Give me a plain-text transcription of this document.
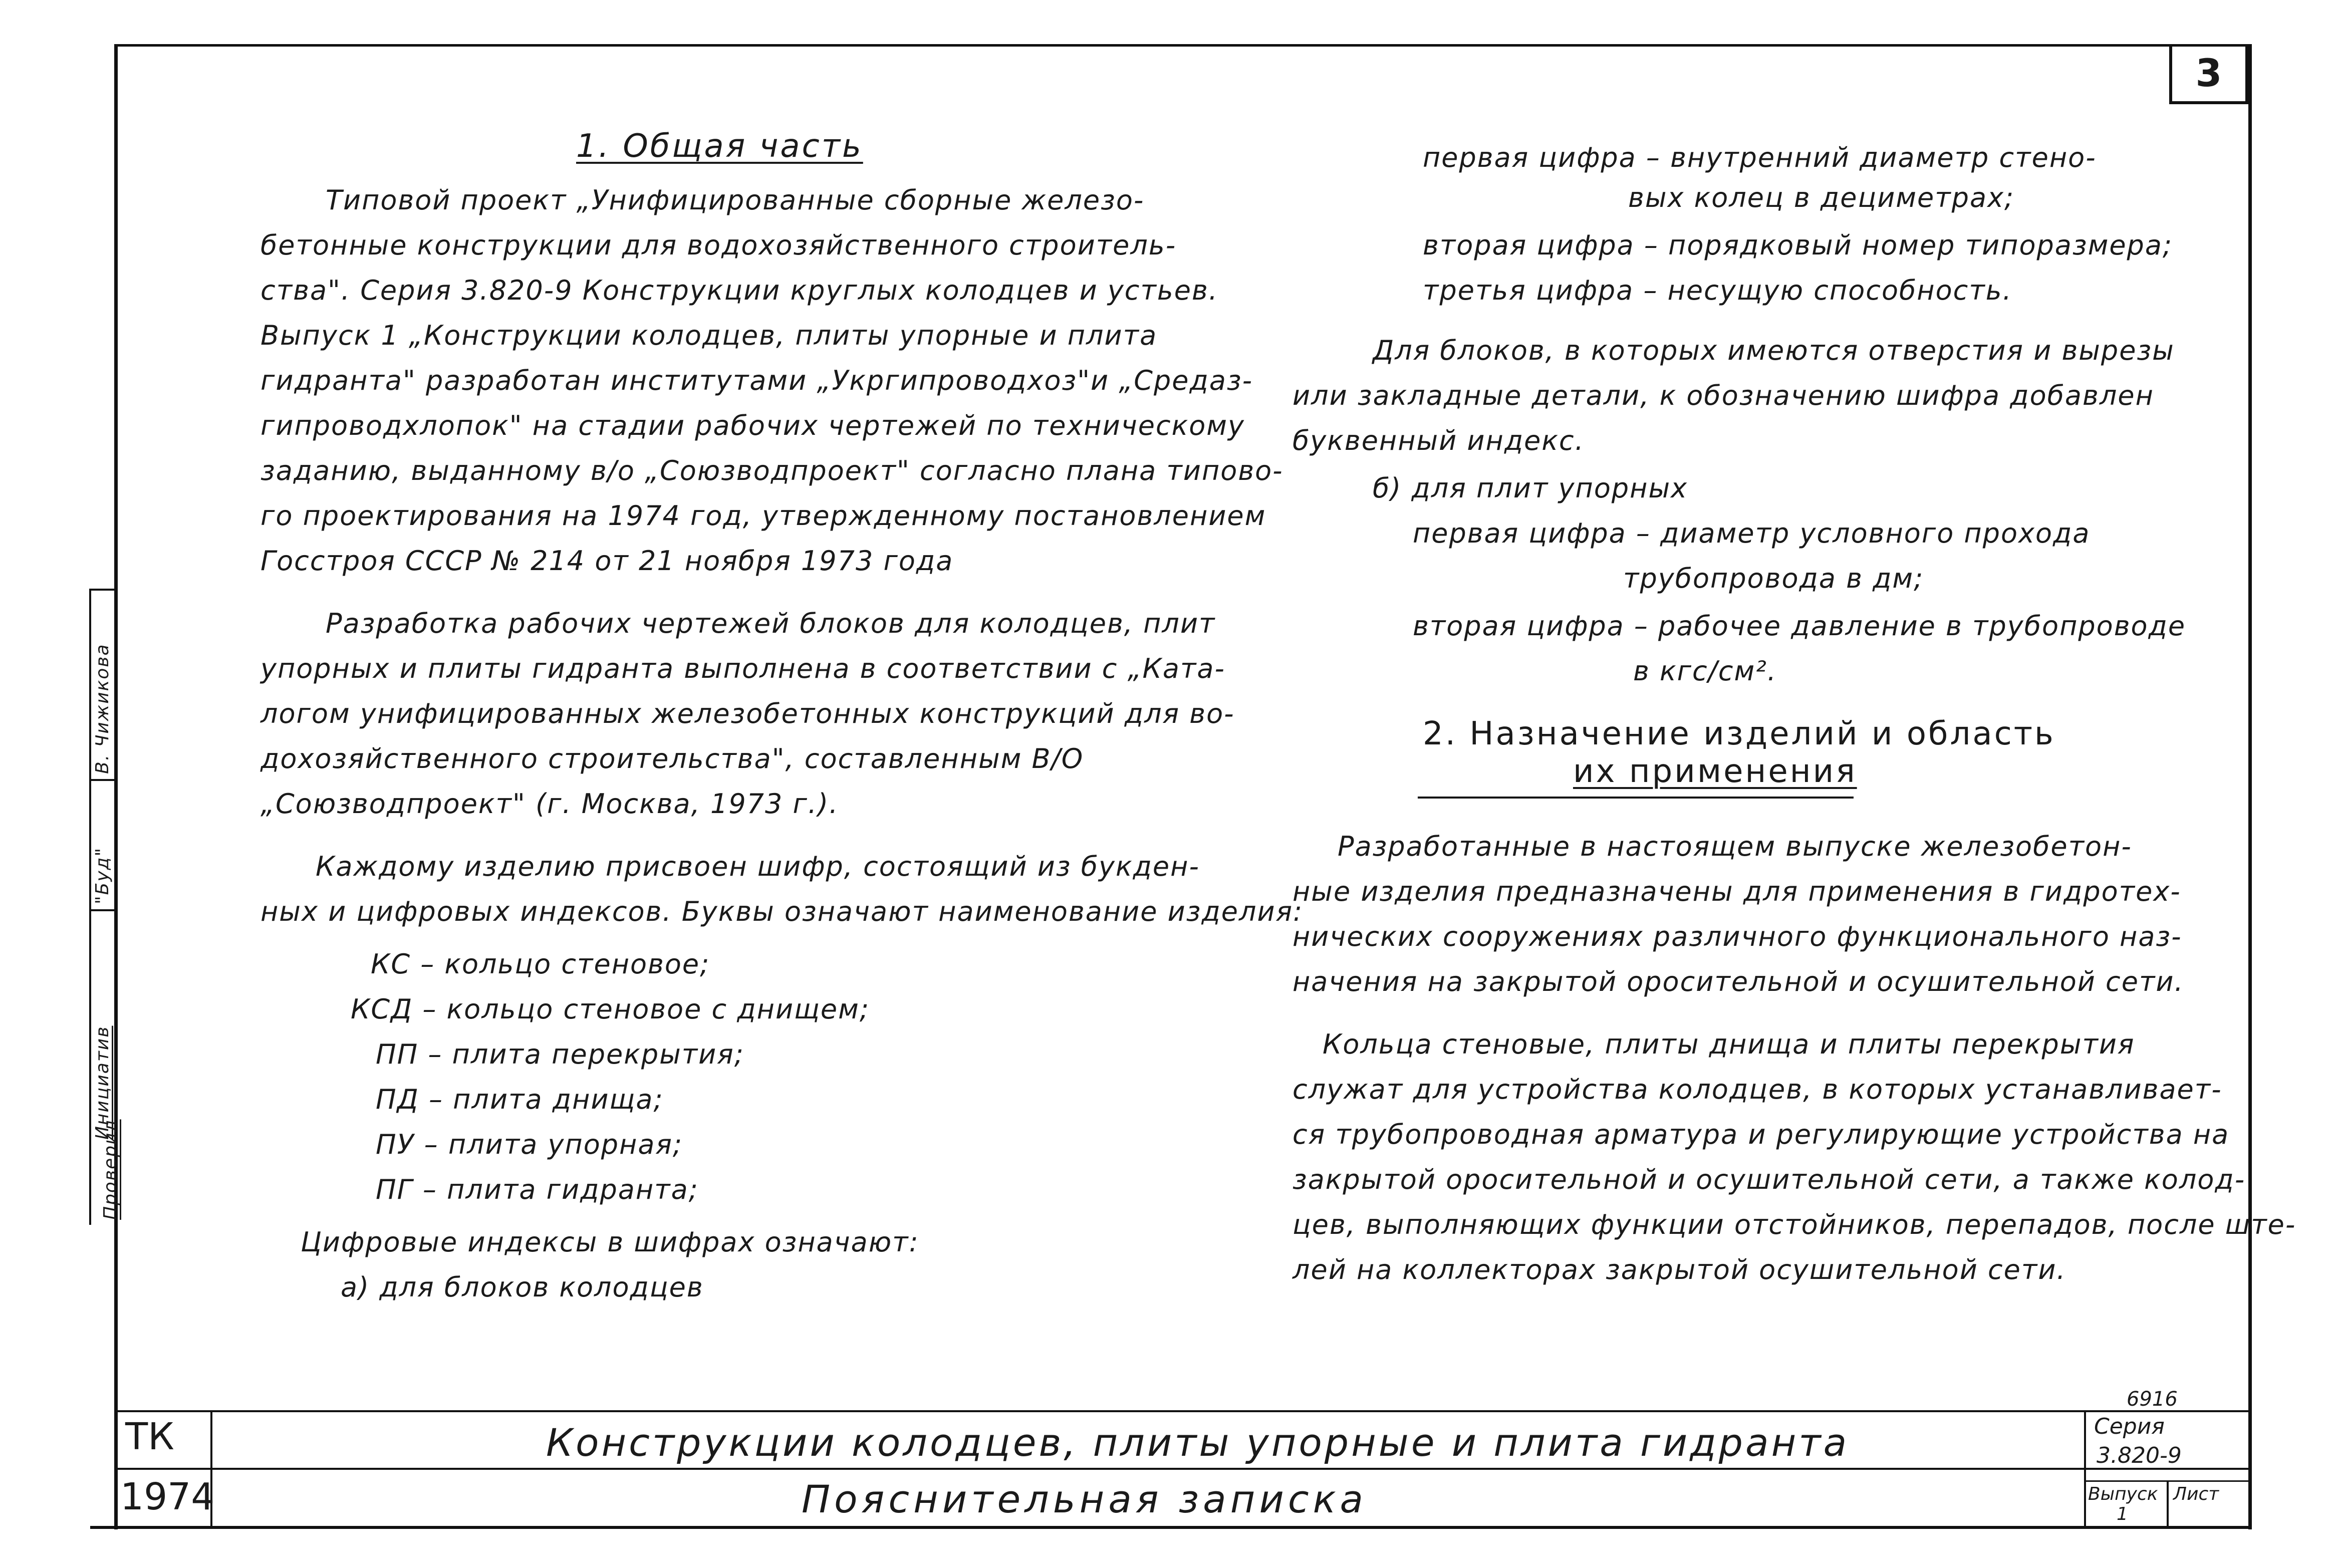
3
В. Чижикова
"Буд"
Инициатив
Проверил
1. Общая часть
Типовой проект „Унифицированные сборные железо-
бетонные конструкции для водохозяйственного строитель-
ства". Серия 3.820-9 Конструкции круглых колодцев и устьев.
Выпуск 1 „Конструкции колодцев, плиты упорные и плита
гидранта" разработан институтами „Укргипроводхоз"и „Средаз-
гипроводхлопок" на стадии рабочих чертежей по техническому
заданию, выданному в/о „Союзводпроект" согласно плана типово-
го проектирования на 1974 год, утвержденному постановлением
Госстроя СССР № 214 от 21 ноября 1973 года
Разработка рабочих чертежей блоков для колодцев, плит
упорных и плиты гидранта выполнена в соответствии с „Ката-
логом унифицированных железобетонных конструкций для во-
дохозяйственного строительства", составленным В/О
„Союзводпроект" (г. Москва, 1973 г.).
Каждому изделию присвоен шифр, состоящий из букден-
ных и цифровых индексов. Буквы означают наименование изделия:
КС – кольцо стеновое;
КСД – кольцо стеновое с днищем;
ПП – плита перекрытия;
ПД – плита днища;
ПУ – плита упорная;
ПГ – плита гидранта;
Цифровые индексы в шифрах означают:
а) для блоков колодцев
первая цифра – внутренний диаметр стено-
вых колец в дециметрах;
вторая цифра – порядковый номер типоразмера;
третья цифра – несущую способность.
Для блоков, в которых имеются отверстия и вырезы
или закладные детали, к обозначению шифра добавлен
буквенный индекс.
б) для плит упорных
первая цифра – диаметр условного прохода
трубопровода в дм;
вторая цифра – рабочее давление в трубопроводе
в кгс/см².
2. Назначение изделий и область
их применения
Разработанные в настоящем выпуске железобетон-
ные изделия предназначены для применения в гидротех-
нических сооружениях различного функционального наз-
начения на закрытой оросительной и осушительной сети.
Кольца стеновые, плиты днища и плиты перекрытия
служат для устройства колодцев, в которых устанавливает-
ся трубопроводная арматура и регулирующие устройства на
закрытой оросительной и осушительной сети, а также колод-
цев, выполняющих функции отстойников, перепадов, после ште-
лей на коллекторах закрытой осушительной сети.
ТК
1974
Конструкции колодцев, плиты упорные и плита гидранта
Пояснительная записка
6916
Серия
3.820-9
Выпуск
1
Лист
